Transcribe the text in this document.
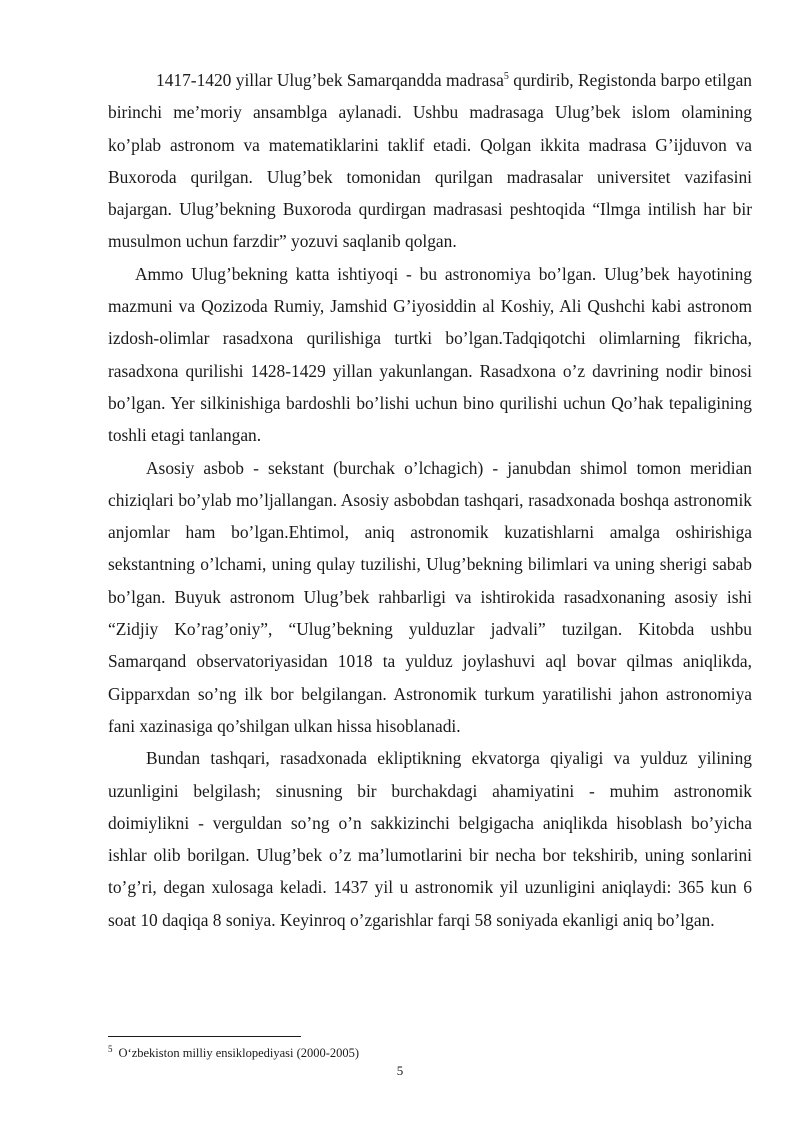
1417-1420 yillar Ulug’bek Samarqandda madrasa$^5$ qurdirib, Registonda barpo etilgan birinchi me’moriy ansamblga aylanadi. Ushbu madrasaga Ulug’bek islom olamining ko’plab astronom va matematiklarini taklif etadi. Qolgan ikkita madrasa G’ijduvon va Buxoroda qurilgan. Ulug’bek tomonidan qurilgan madrasalar universitet vazifasini bajargan. Ulug’bekning Buxoroda qurdirgan madrasasi peshtoqida “Ilmga intilish har bir musulmon uchun farzdir” yozuvi saqlanib qolgan.

Ammo Ulug’bekning katta ishtiyoqi - bu astronomiya bo’lgan. Ulug’bek hayotining mazmuni va Qozizoda Rumiy, Jamshid G’iyosiddin al Koshiy, Ali Qushchi kabi astronom izdosh-olimlar rasadxona qurilishiga turtki bo’lgan.Tadqiqotchi olimlarning fikricha, rasadxona qurilishi 1428-1429 yillan yakunlangan. Rasadxona o’z davrining nodir binosi bo’lgan. Yer silkinishiga bardoshli bo’lishi uchun bino qurilishi uchun Qo’hak tepaligining toshli etagi tanlangan.

Asosiy asbob - sekstant (burchak o’lchagich) - janubdan shimol tomon meridian chiziqlari bo’ylab mo’ljallangan. Asosiy asbobdan tashqari, rasadxonada boshqa astronomik anjomlar ham bo’lgan.Ehtimol, aniq astronomik kuzatishlarni amalga oshirishiga sekstantning o’lchami, uning qulay tuzilishi, Ulug’bekning bilimlari va uning sherigi sabab bo’lgan. Buyuk astronom Ulug’bek rahbarligi va ishtirokida rasadxonaning asosiy ishi “Zidjiy Ko’rag’oniy”, “Ulug’bekning yulduzlar jadvali” tuzilgan. Kitobda ushbu Samarqand observatoriyasidan 1018 ta yulduz joylashuvi aql bovar qilmas aniqlikda, Gipparxdan so’ng ilk bor belgilangan. Astronomik turkum yaratilishi jahon astronomiya fani xazinasiga qo’shilgan ulkan hissa hisoblanadi.

Bundan tashqari, rasadxonada ekliptikning ekvatorga qiyaligi va yulduz yilining uzunligini belgilash; sinusning bir burchakdagi ahamiyatini - muhim astronomik doimiylikni - verguldan so’ng o’n sakkizinchi belgigacha aniqlikda hisoblash bo’yicha ishlar olib borilgan. Ulug’bek o’z ma’lumotlarini bir necha bor tekshirib, uning sonlarini to’g’ri, degan xulosaga keladi. 1437 yil u astronomik yil uzunligini aniqlaydi: 365 kun 6 soat 10 daqiqa 8 soniya. Keyinroq o’zgarishlar farqi 58 soniyada ekanligi aniq bo’lgan.

$^5$ O‘zbekiston milliy ensiklopediyasi (2000-2005)
5
